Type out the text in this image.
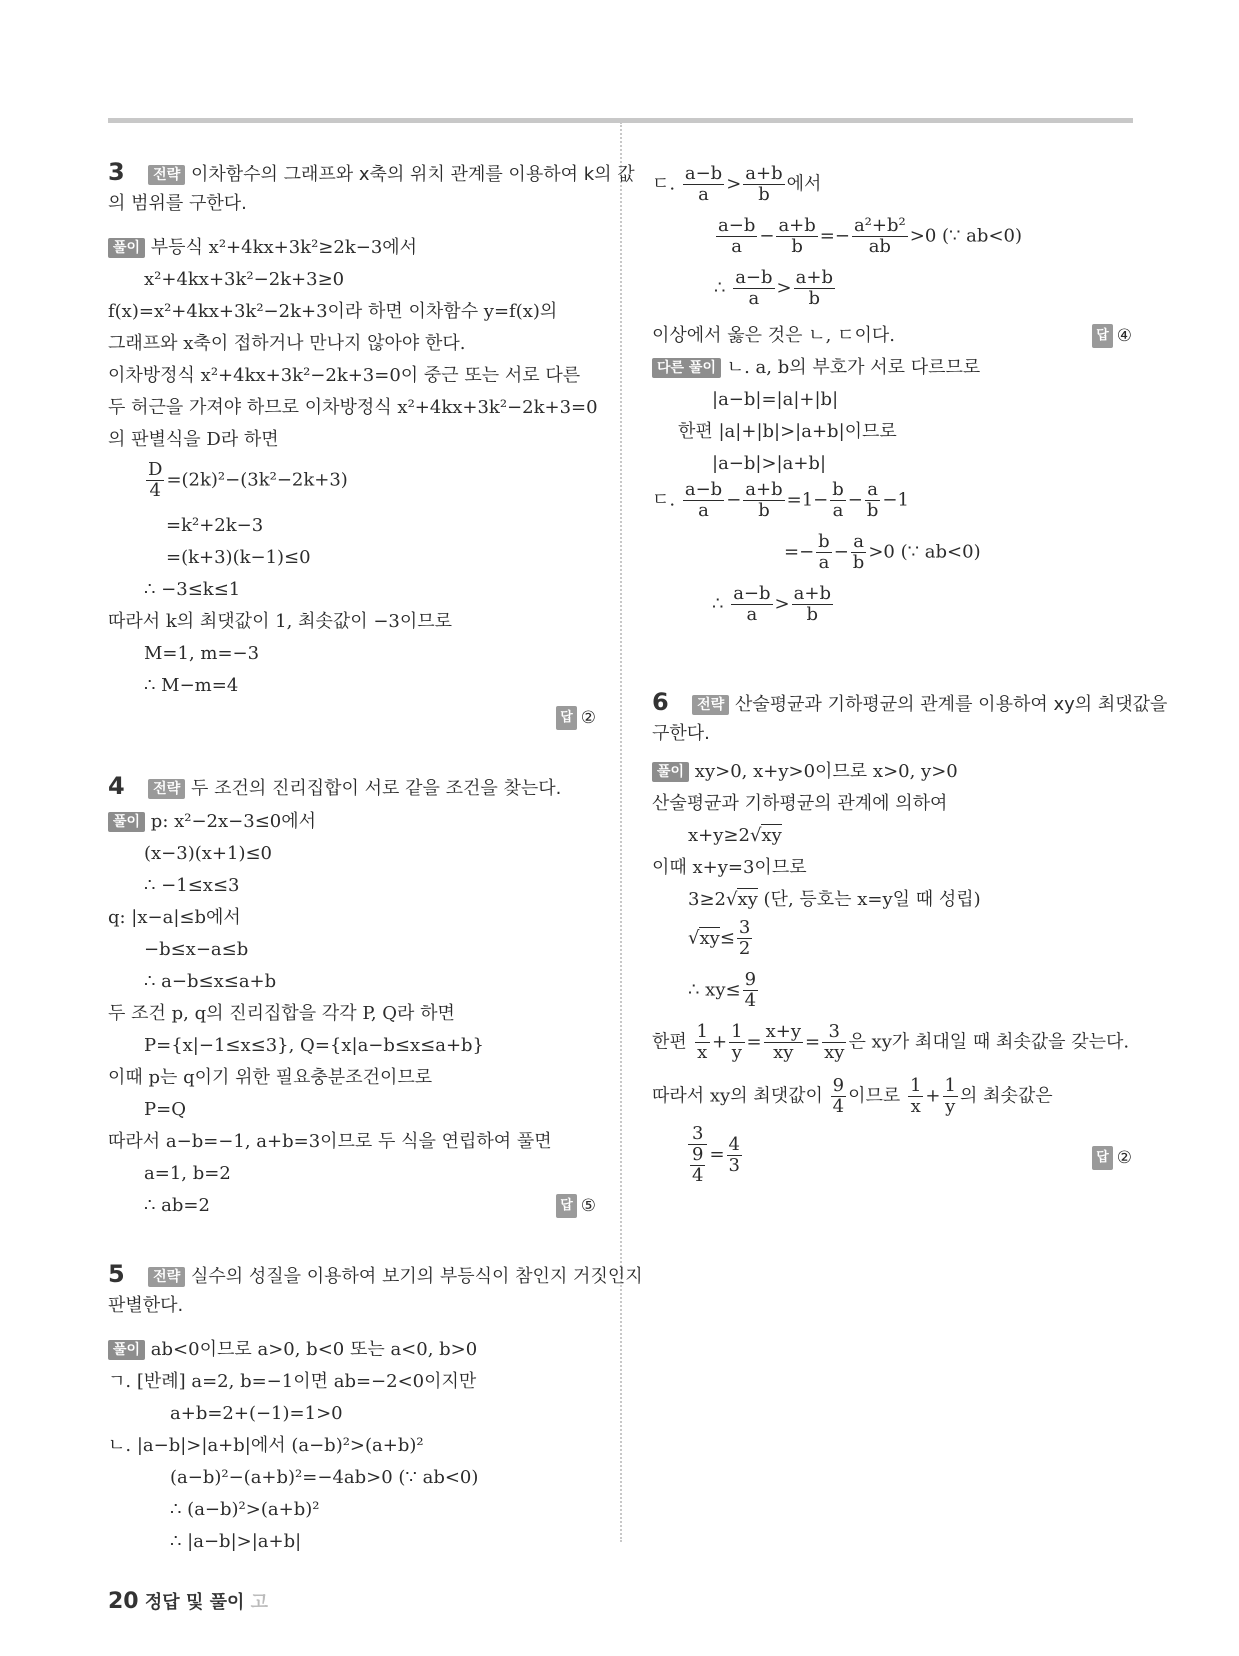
3 전략 이차함수의 그래프와 x축의 위치 관계를 이용하여 k의 값
의 범위를 구한다.
풀이 부등식 x²+4kx+3k²≥2k−3에서
x²+4kx+3k²−2k+3≥0
f(x)=x²+4kx+3k²−2k+3이라 하면 이차함수 y=f(x)의
그래프와 x축이 접하거나 만나지 않아야 한다.
이차방정식 x²+4kx+3k²−2k+3=0이 중근 또는 서로 다른
두 허근을 가져야 하므로 이차방정식 x²+4kx+3k²−2k+3=0
의 판별식을 D라 하면
$\frac{D}{4} =(2k)^2-(3k^2-2k+3)$
=k²+2k−3
=(k+3)(k−1)≤0
∴ −3≤k≤1
따라서 k의 최댓값이 1, 최솟값이 −3이므로
M=1, m=−3
∴ M−m=4
답 ②
4 전략 두 조건의 진리집합이 서로 같을 조건을 찾는다.
풀이 p: x²−2x−3≤0에서
(x−3)(x+1)≤0
∴ −1≤x≤3
q: |x−a|≤b에서
−b≤x−a≤b
∴ a−b≤x≤a+b
두 조건 p, q의 진리집합을 각각 P, Q라 하면
P={x|−1≤x≤3}, Q={x|a−b≤x≤a+b}
이때 p는 q이기 위한 필요충분조건이므로
P=Q
따라서 a−b=−1, a+b=3이므로 두 식을 연립하여 풀면
a=1, b=2
∴ ab=2	답 ⑤
5 전략 실수의 성질을 이용하여 보기의 부등식이 참인지 거짓인지
판별한다.
풀이 ab<0이므로 a>0, b<0 또는 a<0, b>0
ㄱ. [반례] a=2, b=−1이면 ab=−2<0이지만
a+b=2+(−1)=1>0
ㄴ. |a−b|>|a+b|에서 (a−b)²>(a+b)²
(a−b)²−(a+b)²=−4ab>0 (∵ ab<0)
∴ (a−b)²>(a+b)²
∴ |a−b|>|a+b|
ㄷ. $\frac{a-b}{a} > \frac{a+b}{b}$ 에서
$\frac{a-b}{a} - \frac{a+b}{b} =- \frac{\text{a²+b²}}{ab} >0$ (∵ ab<0)
∴ $\frac{a-b}{a} > \frac{a+b}{b}$
이상에서 옳은 것은 ㄴ, ㄷ이다.	답 ④
다른 풀이 ㄴ. a, b의 부호가 서로 다르므로
|a−b|=|a|+|b|
한편 |a|+|b|>|a+b|이므로
|a−b|>|a+b|
ㄷ. $\frac{a-b}{a} - \frac{a+b}{b} =1- \frac{b}{a} - \frac{a}{b} -1$
=− $\frac{b}{a} - \frac{a}{b} >0$ (∵ ab<0)
∴ $\frac{a-b}{a} > \frac{a+b}{b}$
6 전략 산술평균과 기하평균의 관계를 이용하여 xy의 최댓값을
구한다.
풀이 xy>0, x+y>0이므로 x>0, y>0
산술평균과 기하평균의 관계에 의하여
x+y≥2√xy
이때 x+y=3이므로
3≥2√xy (단, 등호는 x=y일 때 성립)
$√xy\le \frac{3}{2}$
∴ $xy\le \frac{9}{4}$
한편 $\frac{1}{x} + \frac{1}{y} = \frac{x+y}{xy} = \frac{3}{xy}$ 은 xy가 최대일 때 최솟값을 갖는다.
따라서 xy의 최댓값이 $\frac{9}{4}$ 이므로 $\frac{1}{x} + \frac{1}{y}$ 의 최솟값은
$\frac{3}{\frac{9}{4}} = \frac{4}{3}$	답 ②
20 정답 및 풀이 고
